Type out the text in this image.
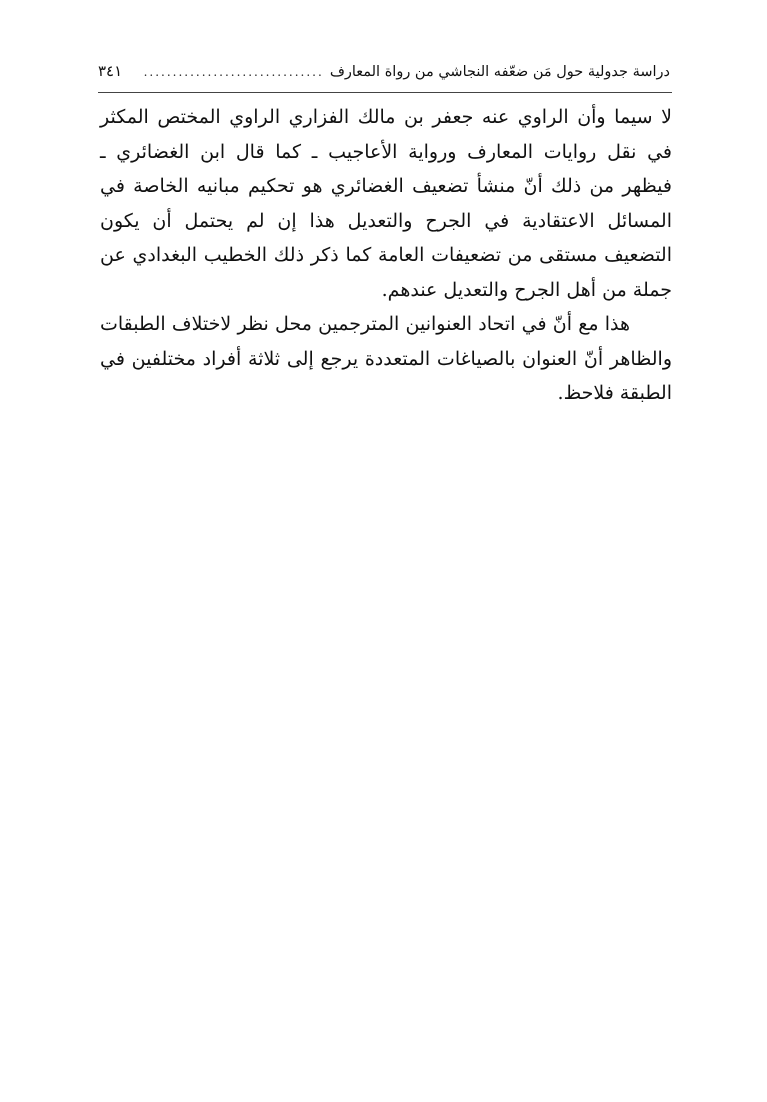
دراسة جدولية حول مَن ضعّفه النجاشي من رواة المعارف
...............................
٣٤١

لا سيما وأن الراوي عنه جعفر بن مالك الفزاري الراوي المختص المكثر في نقل روايات المعارف ورواية الأعاجيب ـ كما قال ابن الغضائري ـ فيظهر من ذلك أنّ منشأ تضعيف الغضائري هو تحكيم مبانيه الخاصة في المسائل الاعتقادية في الجرح والتعديل هذا إن لم يحتمل أن يكون التضعيف مستقى من تضعيفات العامة كما ذكر ذلك الخطيب البغدادي عن جملة من أهل الجرح والتعديل عندهم.

هذا مع أنّ في اتحاد العنوانين المترجمين محل نظر لاختلاف الطبقات والظاهر أنّ العنوان بالصياغات المتعددة يرجع إلى ثلاثة أفراد مختلفين في الطبقة فلاحظ.
